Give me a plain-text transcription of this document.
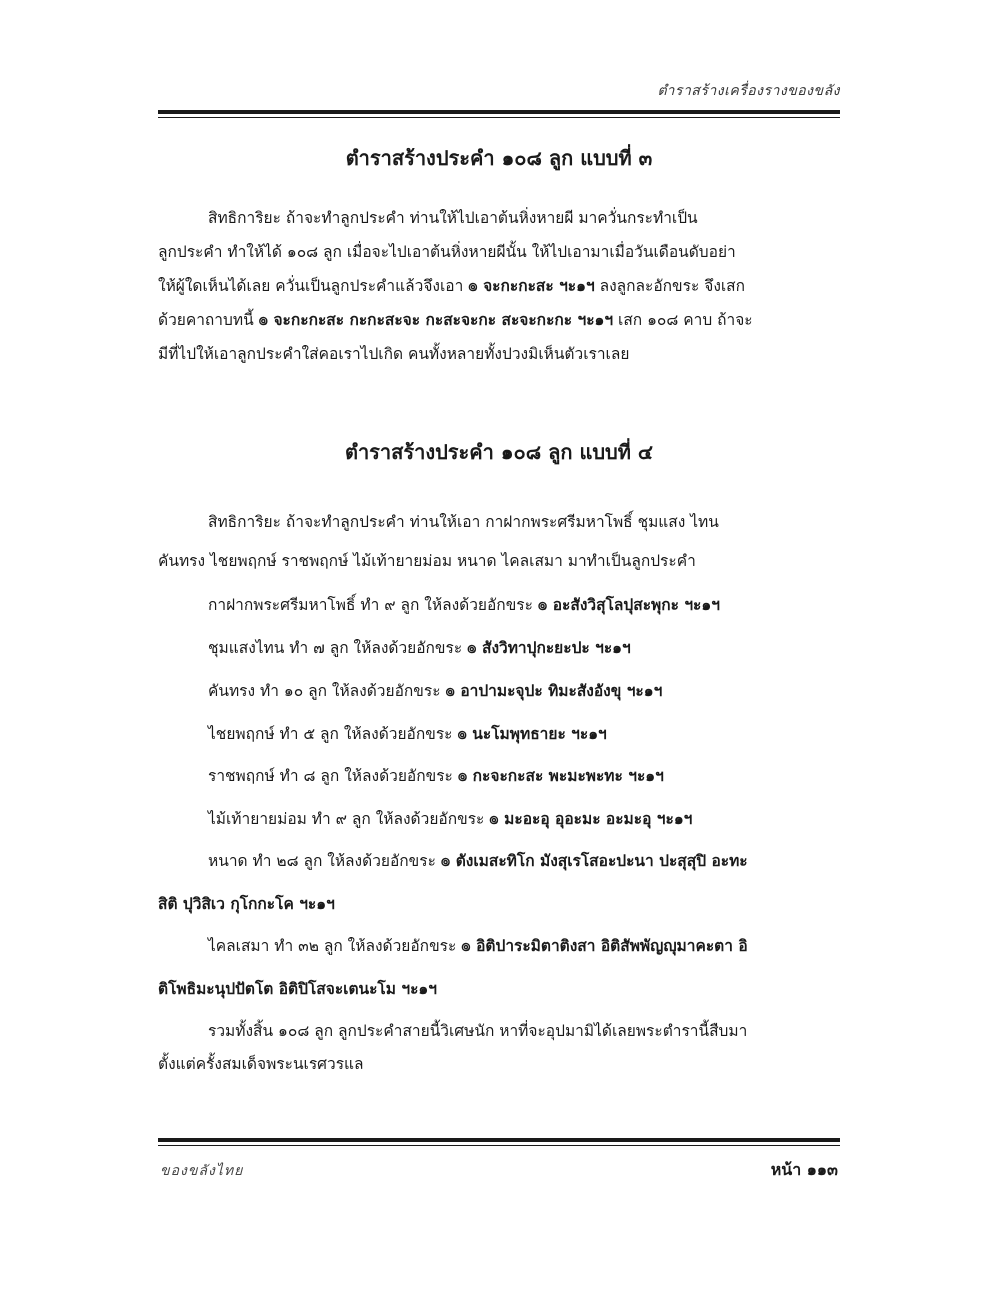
ตำราสร้างเครื่องรางของขลัง
ตำราสร้างประคำ ๑๐๘ ลูก แบบที่ ๓
สิทธิการิยะ ถ้าจะทำลูกประคำ ท่านให้ไปเอาต้นหิ่งหายผี มาควั่นกระทำเป็น
ลูกประคำ ทำให้ได้ ๑๐๘ ลูก เมื่อจะไปเอาต้นหิ่งหายผีนั้น ให้ไปเอามาเมื่อวันเดือนดับอย่า
ให้ผู้ใดเห็นได้เลย ควั่นเป็นลูกประคำแล้วจึงเอา ๏ จะกะกะสะ ฯะ๑ฯ ลงลูกละอักขระ จึงเสก
ด้วยคาถาบทนี้ ๏ จะกะกะสะ กะกะสะจะ กะสะจะกะ สะจะกะกะ ฯะ๑ฯ เสก ๑๐๘ คาบ ถ้าจะ
มีที่ไปให้เอาลูกประคำใส่คอเราไปเกิด คนทั้งหลายทั้งปวงมิเห็นตัวเราเลย
ตำราสร้างประคำ ๑๐๘ ลูก แบบที่ ๔
สิทธิการิยะ ถ้าจะทำลูกประคำ ท่านให้เอา กาฝากพระศรีมหาโพธิ์ ชุมแสง ไทน
คันทรง ไชยพฤกษ์ ราชพฤกษ์ ไม้เท้ายายม่อม หนาด ไคลเสมา มาทำเป็นลูกประคำ
กาฝากพระศรีมหาโพธิ์ ทำ ๙ ลูก ให้ลงด้วยอักขระ ๏ อะสังวิสุโลปุสะพุกะ ฯะ๑ฯ
ชุมแสงไทน ทำ ๗ ลูก ให้ลงด้วยอักขระ ๏ สังวิทาปุกะยะปะ ฯะ๑ฯ
คันทรง ทำ ๑๐ ลูก ให้ลงด้วยอักขระ ๏ อาปามะจุปะ ทิมะสังอังขุ ฯะ๑ฯ
ไชยพฤกษ์ ทำ ๕ ลูก ให้ลงด้วยอักขระ ๏ นะโมพุทธายะ ฯะ๑ฯ
ราชพฤกษ์ ทำ ๘ ลูก ให้ลงด้วยอักขระ ๏ กะจะกะสะ พะมะพะทะ ฯะ๑ฯ
ไม้เท้ายายม่อม ทำ ๙ ลูก ให้ลงด้วยอักขระ ๏ มะอะอุ อุอะมะ อะมะอุ ฯะ๑ฯ
หนาด ทำ ๒๘ ลูก ให้ลงด้วยอักขระ ๏ ตังเมสะทิโก มังสุเรโสอะปะนา ปะสุสุปิ อะทะ
สิติ ปุวิสิเว กุโกกะโค ฯะ๑ฯ
ไคลเสมา ทำ ๓๒ ลูก ให้ลงด้วยอักขระ ๏ อิติปาระมิตาติงสา อิติสัพพัญญุมาคะตา อิ
ติโพธิมะนุปปัตโต อิติปิโสจะเตนะโม ฯะ๑ฯ
รวมทั้งสิ้น ๑๐๘ ลูก ลูกประคำสายนี้วิเศษนัก หาที่จะอุปมามิได้เลยพระตำรานี้สืบมา
ตั้งแต่ครั้งสมเด็จพระนเรศวรแล
ของขลังไทย	หน้า ๑๑๓
